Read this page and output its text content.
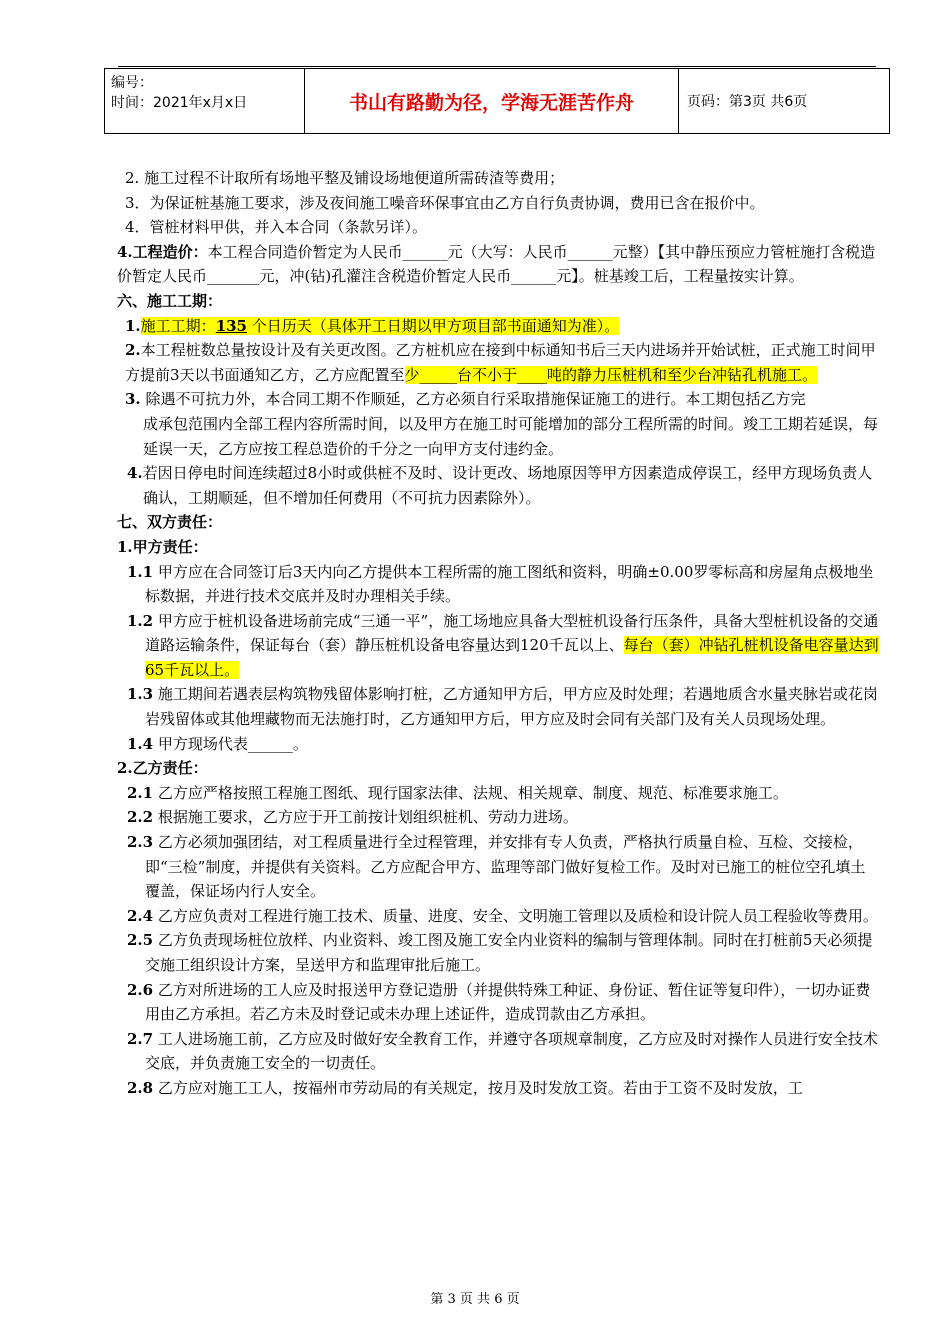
编号：
时间：2021年x月x日	书山有路勤为径，学海无涯苦作舟	页码：第3页 共6页

2. 施工过程不计取所有场地平整及铺设场地便道所需砖渣等费用；

3．为保证桩基施工要求，涉及夜间施工噪音环保事宜由乙方自行负责协调，费用已含在报价中。

4．管桩材料甲供，并入本合同（条款另详）。

4.工程造价：本工程合同造价暂定为人民币______元（大写：人民币______元整）【其中静压预应力管桩施打含税造价暂定人民币_______元，冲(钻)孔灌注含税造价暂定人民币______元】。桩基竣工后，工程量按实计算。

六、施工工期：

1.施工工期：135 个日历天（具体开工日期以甲方项目部书面通知为准）。

2.本工程桩数总量按设计及有关更改图。乙方桩机应在接到中标通知书后三天内进场并开始试桩，正式施工时间甲方提前3天以书面通知乙方，乙方应配置至少_____台不小于____吨的静力压桩机和至少台冲钻孔机施工。

3. 除遇不可抗力外，本合同工期不作顺延，乙方必须自行采取措施保证施工的进行。本工期包括乙方完

成承包范围内全部工程内容所需时间，以及甲方在施工时可能增加的部分工程所需的时间。竣工工期若延误，每延误一天，乙方应按工程总造价的千分之一向甲方支付违约金。

4.若因日停电时间连续超过8小时或供桩不及时、设计更改、场地原因等甲方因素造成停误工，经甲方现场负责人确认，工期顺延，但不增加任何费用（不可抗力因素除外）。

七、双方责任：

1.甲方责任：

1.1 甲方应在合同签订后3天内向乙方提供本工程所需的施工图纸和资料，明确±0.00罗零标高和房屋角点极地坐标数据，并进行技术交底并及时办理相关手续。

1.2 甲方应于桩机设备进场前完成“三通一平”，施工场地应具备大型桩机设备行压条件，具备大型桩机设备的交通道路运输条件，保证每台（套）静压桩机设备电容量达到120千瓦以上、每台（套）冲钻孔桩机设备电容量达到65千瓦以上。

1.3 施工期间若遇表层构筑物残留体影响打桩，乙方通知甲方后，甲方应及时处理；若遇地质含水量夹脉岩或花岗岩残留体或其他埋藏物而无法施打时，乙方通知甲方后，甲方应及时会同有关部门及有关人员现场处理。

1.4 甲方现场代表______。

2.乙方责任：

2.1 乙方应严格按照工程施工图纸、现行国家法律、法规、相关规章、制度、规范、标准要求施工。

2.2 根据施工要求，乙方应于开工前按计划组织桩机、劳动力进场。

2.3 乙方必须加强团结，对工程质量进行全过程管理，并安排有专人负责，严格执行质量自检、互检、交接检，即“三检”制度，并提供有关资料。乙方应配合甲方、监理等部门做好复检工作。及时对已施工的桩位空孔填土覆盖，保证场内行人安全。

2.4 乙方应负责对工程进行施工技术、质量、进度、安全、文明施工管理以及质检和设计院人员工程验收等费用。

2.5 乙方负责现场桩位放样、内业资料、竣工图及施工安全内业资料的编制与管理体制。同时在打桩前5天必须提交施工组织设计方案，呈送甲方和监理审批后施工。

2.6 乙方对所进场的工人应及时报送甲方登记造册（并提供特殊工种证、身份证、暂住证等复印件），一切办证费用由乙方承担。若乙方未及时登记或未办理上述证件，造成罚款由乙方承担。

2.7 工人进场施工前，乙方应及时做好安全教育工作，并遵守各项规章制度，乙方应及时对操作人员进行安全技术交底，并负责施工安全的一切责任。

2.8 乙方应对施工工人，按福州市劳动局的有关规定，按月及时发放工资。若由于工资不及时发放，工

第 3 页 共 6 页
